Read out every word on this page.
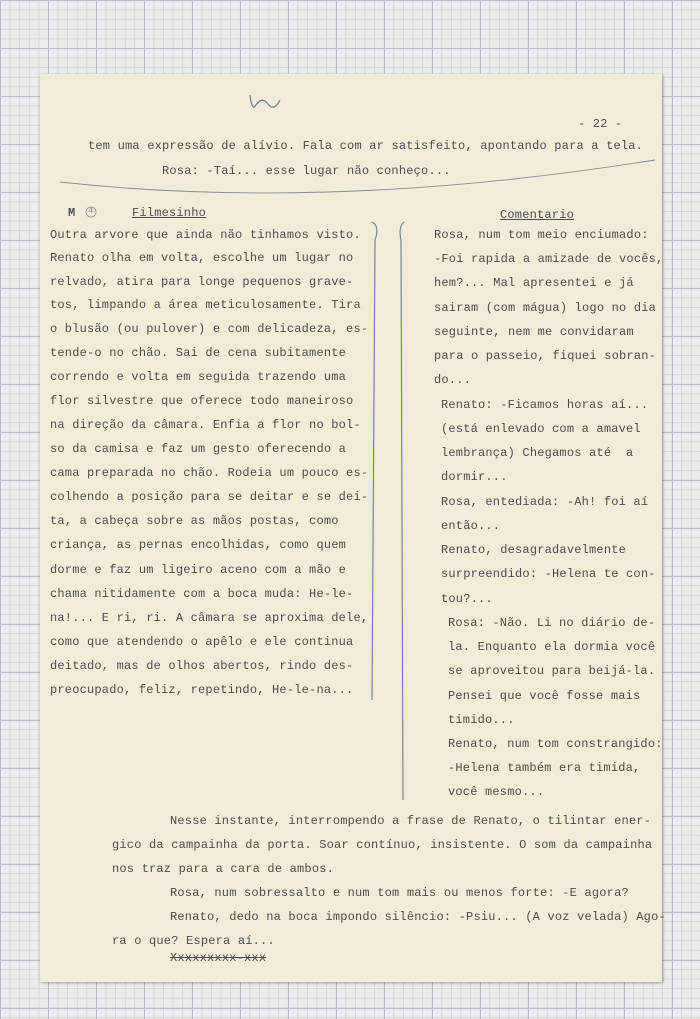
- 22 -
tem uma expressão de alívio. Fala com ar satisfeito, apontando para a tela.
Rosa: -Taí... esse lugar não conheço...
M 4	Filmesinho	Comentario
Outra arvore que ainda não tinhamos visto.
Renato olha em volta, escolhe um lugar no
relvado, atira para longe pequenos grave-
tos, limpando a área meticulosamente. Tira
o blusão (ou pulover) e com delicadeza, es-
tende-o no chão. Sai de cena subitamente
correndo e volta em seguida trazendo uma
flor silvestre que oferece todo maneiroso
na direção da câmara. Enfia a flor no bol-
so da camisa e faz um gesto oferecendo a
cama preparada no chão. Rodeia um pouco es-
colhendo a posição para se deitar e se dei-
ta, a cabeça sobre as mãos postas, como
criança, as pernas encolhidas, como quem
dorme e faz um ligeiro aceno com a mão e
chama nitidamente com a boca muda: He-le-
na!... E ri, ri. A câmara se aproxima dele,
como que atendendo o apêlo e ele continua
deitado, mas de olhos abertos, rindo des-
preocupado, feliz, repetindo, He-le-na...
Rosa, num tom meio enciumado:
-Foi rapida a amizade de vocês,
hem?... Mal apresentei e já
sairam (com mágua) logo no dia
seguinte, nem me convidaram
para o passeio, fiquei sobran-
do...
Renato: -Ficamos horas aí...
(está enlevado com a amavel
lembrança) Chegamos até  a
dormir...
Rosa, entediada: -Ah! foi aí
então...
Renato, desagradavelmente
surpreendido: -Helena te con-
tou?...
Rosa: -Não. Li no diário de-
la. Enquanto ela dormia você
se aproveitou para beijá-la.
Pensei que você fosse mais
timido...
Renato, num tom constrangido:
-Helena também era timida,
você mesmo...
Nesse instante, interrompendo a frase de Renato, o tilintar ener-
gico da campainha da porta. Soar contínuo, insistente. O som da campainha
nos traz para a cara de ambos.
Rosa, num sobressalto e num tom mais ou menos forte: -E agora?
Renato, dedo na boca impondo silêncio: -Psiu... (A voz velada) Ago-
ra o que? Espera aí...
Xxxxxxxxx-xxx
